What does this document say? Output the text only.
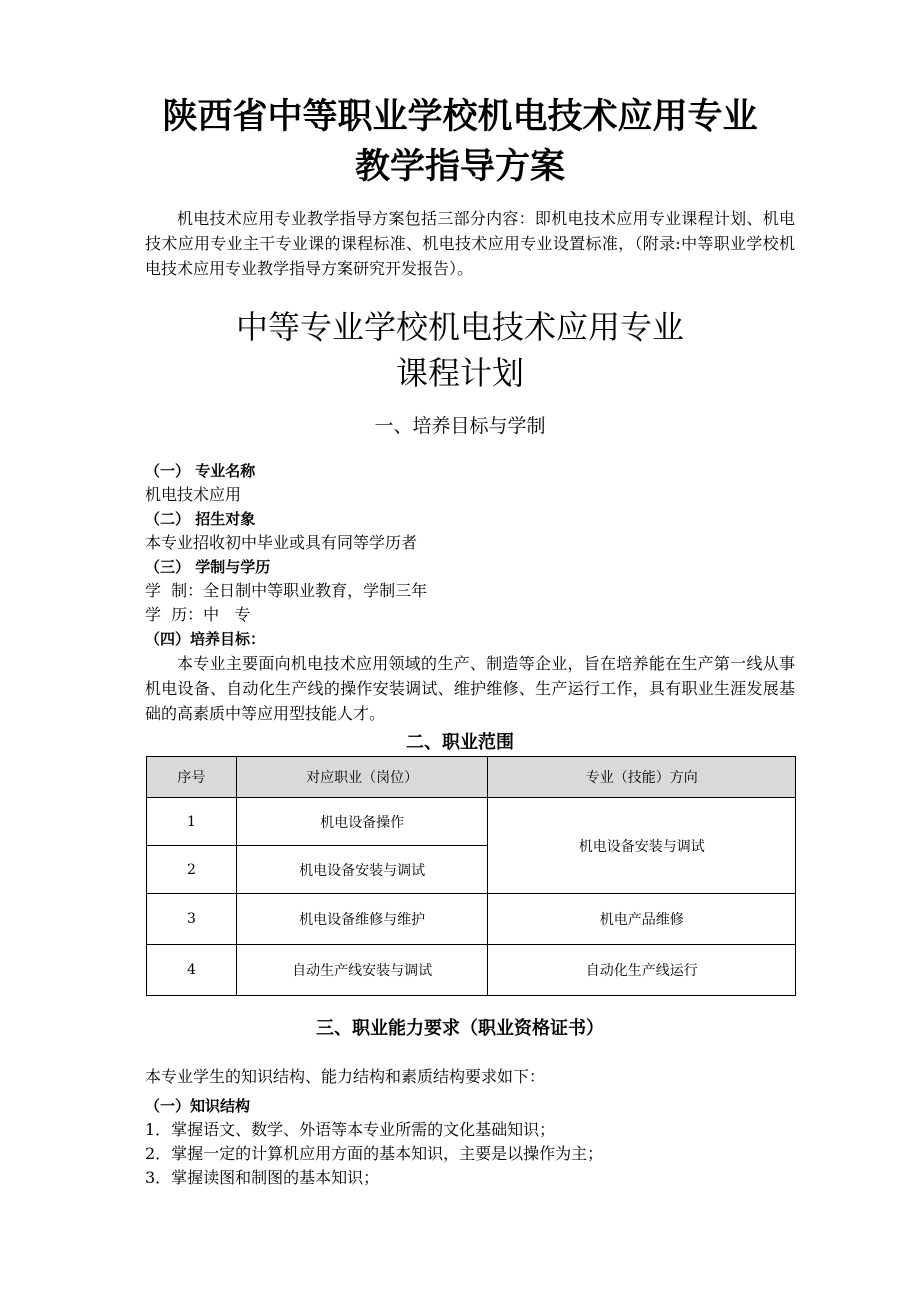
陕西省中等职业学校机电技术应用专业
教学指导方案

机电技术应用专业教学指导方案包括三部分内容：即机电技术应用专业课程计划、机电技术应用专业主干专业课的课程标准、机电技术应用专业设置标准，（附录:中等职业学校机电技术应用专业教学指导方案研究开发报告）。

中等专业学校机电技术应用专业
课程计划
一、培养目标与学制
（一） 专业名称
机电技术应用
（二） 招生对象
本专业招收初中毕业或具有同等学历者
（三） 学制与学历
学  制：全日制中等职业教育，学制三年
学  历：中   专
（四）培养目标：
本专业主要面向机电技术应用领域的生产、制造等企业，旨在培养能在生产第一线从事机电设备、自动化生产线的操作安装调试、维护维修、生产运行工作，具有职业生涯发展基础的高素质中等应用型技能人才。
二、职业范围
序号	对应职业（岗位）	专业（技能）方向
1	机电设备操作	机电设备安装与调试
2	机电设备安装与调试	
3	机电设备维修与维护	机电产品维修
4	自动生产线安装与调试	自动化生产线运行
三、职业能力要求（职业资格证书）
本专业学生的知识结构、能力结构和素质结构要求如下：
（一）知识结构
1．掌握语文、数学、外语等本专业所需的文化基础知识；
2．掌握一定的计算机应用方面的基本知识，主要是以操作为主；
3．掌握读图和制图的基本知识；
